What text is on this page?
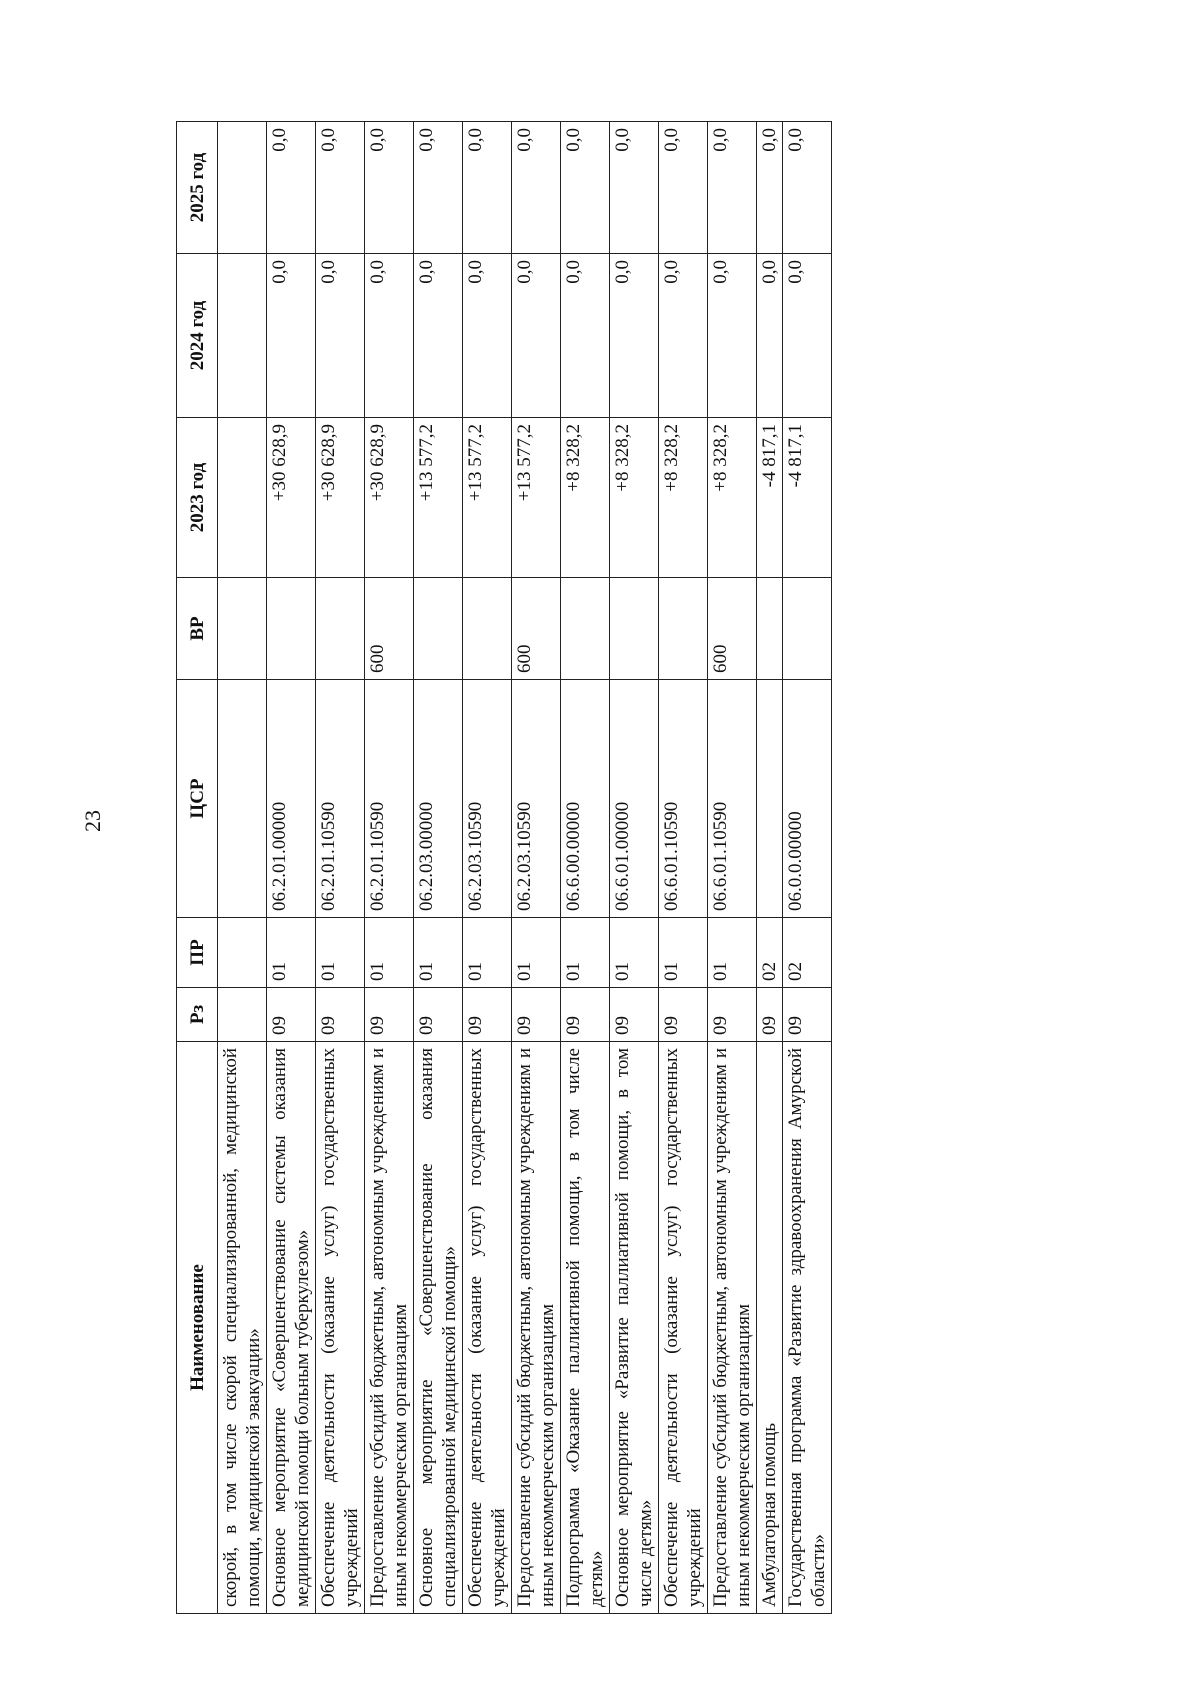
23
Наименование	Рз	ПР	ЦСР	ВР	2023 год	2024 год	2025 год
скорой, в том числе скорой специализированной, медицинской помощи, медицинской эвакуации»							
Основное мероприятие «Совершенствование системы оказания медицинской помощи больным туберкулезом»	09	01	06.2.01.00000		+30 628,9	0,0	0,0
Обеспечение деятельности (оказание услуг) государственных учреждений	09	01	06.2.01.10590		+30 628,9	0,0	0,0
Предоставление субсидий бюджетным, автономным учреждениям и иным некоммерческим организациям	09	01	06.2.01.10590	600	+30 628,9	0,0	0,0
Основное мероприятие «Совершенствование оказания специализированной медицинской помощи»	09	01	06.2.03.00000		+13 577,2	0,0	0,0
Обеспечение деятельности (оказание услуг) государственных учреждений	09	01	06.2.03.10590		+13 577,2	0,0	0,0
Предоставление субсидий бюджетным, автономным учреждениям и иным некоммерческим организациям	09	01	06.2.03.10590	600	+13 577,2	0,0	0,0
Подпрограмма «Оказание паллиативной помощи, в том числе детям»	09	01	06.6.00.00000		+8 328,2	0,0	0,0
Основное мероприятие «Развитие паллиативной помощи, в том числе детям»	09	01	06.6.01.00000		+8 328,2	0,0	0,0
Обеспечение деятельности (оказание услуг) государственных учреждений	09	01	06.6.01.10590		+8 328,2	0,0	0,0
Предоставление субсидий бюджетным, автономным учреждениям и иным некоммерческим организациям	09	01	06.6.01.10590	600	+8 328,2	0,0	0,0
Амбулаторная помощь	09	02			-4 817,1	0,0	0,0
Государственная программа «Развитие здравоохранения Амурской области»	09	02	06.0.0.00000		-4 817,1	0,0	0,0
